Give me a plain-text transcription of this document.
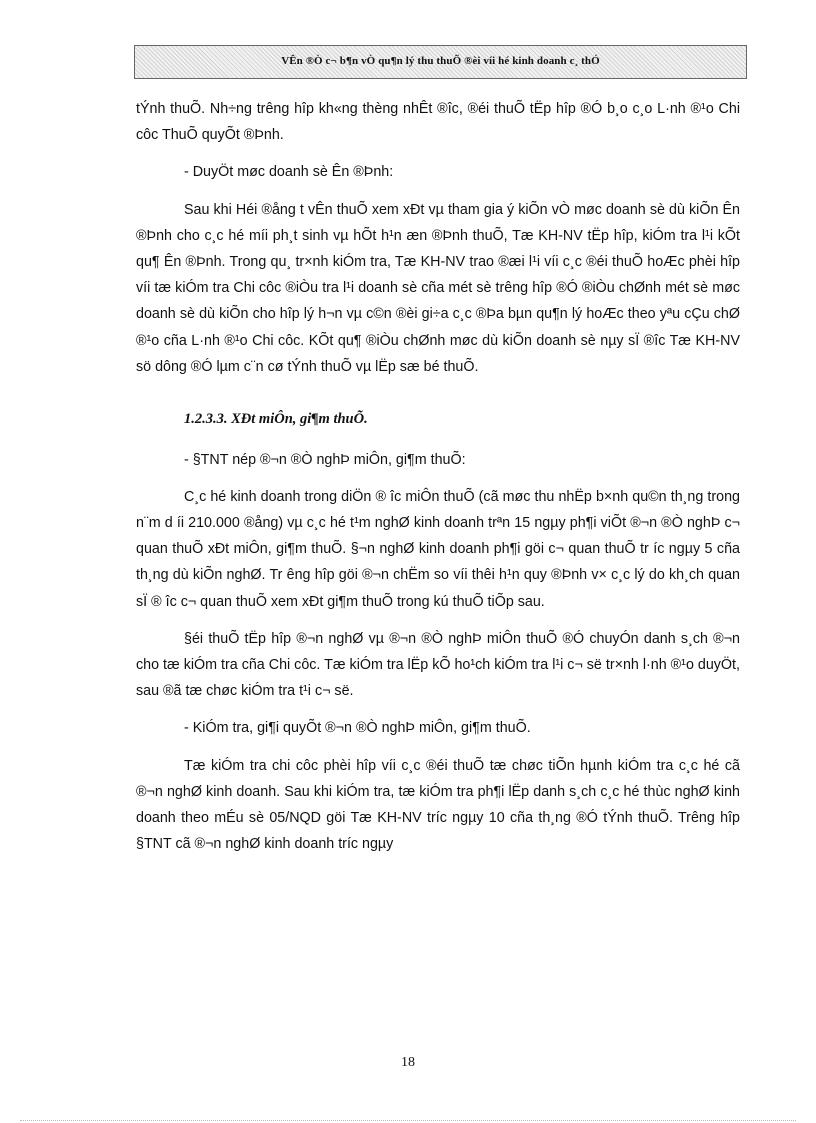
VÊn ®Ò c¬ b¶n vÒ qu¶n lý thu thuÕ ®èi víi hé kinh doanh c¸ thÓ

tÝnh thuÕ. Nh÷ng trêng hîp kh«ng thèng nhÊt ®îc, ®éi thuÕ tËp hîp ®Ó b¸o c¸o L·nh ®¹o Chi côc ThuÕ quyÕt ®Þnh.

- DuyÖt møc doanh sè Ên ®Þnh:

Sau khi Héi ®ång t vÊn thuÕ xem xÐt vµ tham gia ý kiÕn vÒ møc doanh sè dù kiÕn Ên ®Þnh cho c¸c hé míi ph¸t sinh vµ hÕt h¹n æn ®Þnh thuÕ, Tæ KH-NV tËp hîp, kiÓm tra l¹i kÕt qu¶ Ên ®Þnh. Trong qu¸ tr×nh kiÓm tra, Tæ KH-NV trao ®æi l¹i víi c¸c ®éi thuÕ hoÆc phèi hîp víi tæ kiÓm tra Chi côc ®iÒu tra l¹i doanh sè cña mét sè trêng hîp ®Ó ®iÒu chØnh mét sè møc doanh sè dù kiÕn cho hîp lý h¬n vµ c©n ®èi gi÷a c¸c ®Þa bµn qu¶n lý hoÆc theo yªu cÇu chØ ®¹o cña L·nh ®¹o Chi côc. KÕt qu¶ ®iÒu chØnh møc dù kiÕn doanh sè nµy sÏ ®îc Tæ KH-NV sö dông ®Ó lµm c¨n cø tÝnh thuÕ vµ lËp sæ bé thuÕ.

1.2.3.3. XÐt miÔn, gi¶m thuÕ.

- §TNT nép ®¬n ®Ò nghÞ miÔn, gi¶m thuÕ:

C¸c hé kinh doanh trong diÖn ® îc miÔn thuÕ (cã møc thu nhËp b×nh qu©n th¸ng trong n¨m d íi 210.000 ®ång) vµ c¸c hé t¹m nghØ kinh doanh trªn 15 ngµy ph¶i viÕt ®¬n ®Ò nghÞ c¬ quan thuÕ xÐt miÔn, gi¶m thuÕ. §¬n nghØ kinh doanh ph¶i göi c¬ quan thuÕ tr íc ngµy 5 cña th¸ng dù kiÕn nghØ. Tr êng hîp göi ®¬n chËm so víi thêi h¹n quy ®Þnh v× c¸c lý do kh¸ch quan sÏ ® îc c¬ quan thuÕ xem xÐt gi¶m thuÕ trong kú thuÕ tiÕp sau.

§éi thuÕ tËp hîp ®¬n nghØ vµ ®¬n ®Ò nghÞ miÔn thuÕ ®Ó chuyÓn danh s¸ch ®¬n cho tæ kiÓm tra cña Chi côc. Tæ kiÓm tra lËp kÕ ho¹ch kiÓm tra l¹i c¬ së tr×nh l·nh ®¹o duyÖt, sau ®ã tæ chøc kiÓm tra t¹i c¬ së.

- KiÓm tra, gi¶i quyÕt ®¬n ®Ò nghÞ miÔn, gi¶m thuÕ.

Tæ kiÓm tra chi côc phèi hîp víi c¸c ®éi thuÕ tæ chøc tiÕn hµnh kiÓm tra c¸c hé cã ®¬n nghØ kinh doanh. Sau khi kiÓm tra, tæ kiÓm tra ph¶i lËp danh s¸ch c¸c hé thùc nghØ kinh doanh theo mÉu sè 05/NQD göi Tæ KH-NV tríc ngµy 10 cña th¸ng ®Ó tÝnh thuÕ. Trêng hîp §TNT cã ®¬n nghØ kinh doanh tríc ngµy

18
